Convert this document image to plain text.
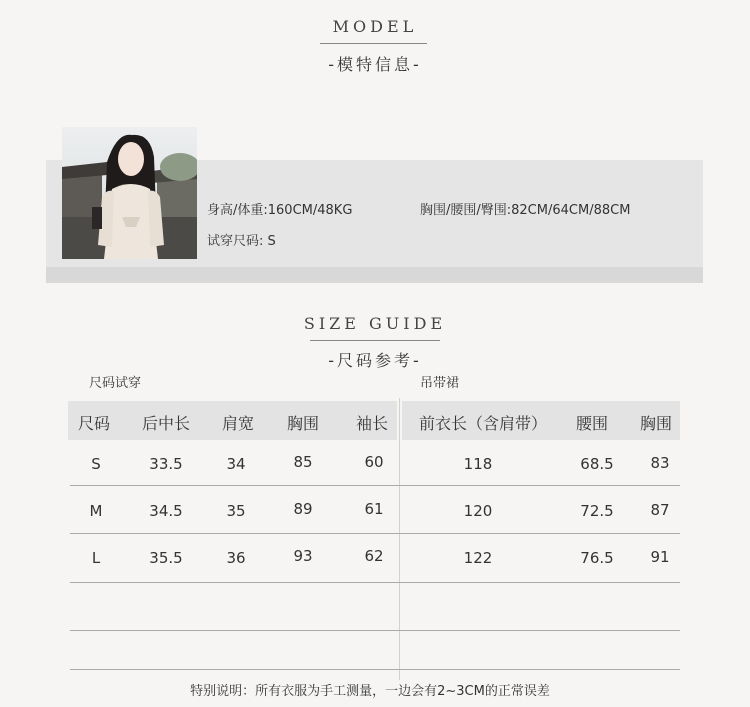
MODEL
-模特信息-
身高/体重:160CM/48KG	胸围/腰围/臀围:82CM/64CM/88CM
试穿尺码: S
SIZE GUIDE
-尺码参考-
尺码试穿	吊带裙
尺码	后中长	肩宽	胸围	袖长	前衣长（含肩带）	腰围	胸围
S	33.5	34	85	60	118	68.5	83
M	34.5	35	89	61	120	72.5	87
L	35.5	36	93	62	122	76.5	91
特别说明：所有衣服为手工测量，一边会有2~3CM的正常误差
